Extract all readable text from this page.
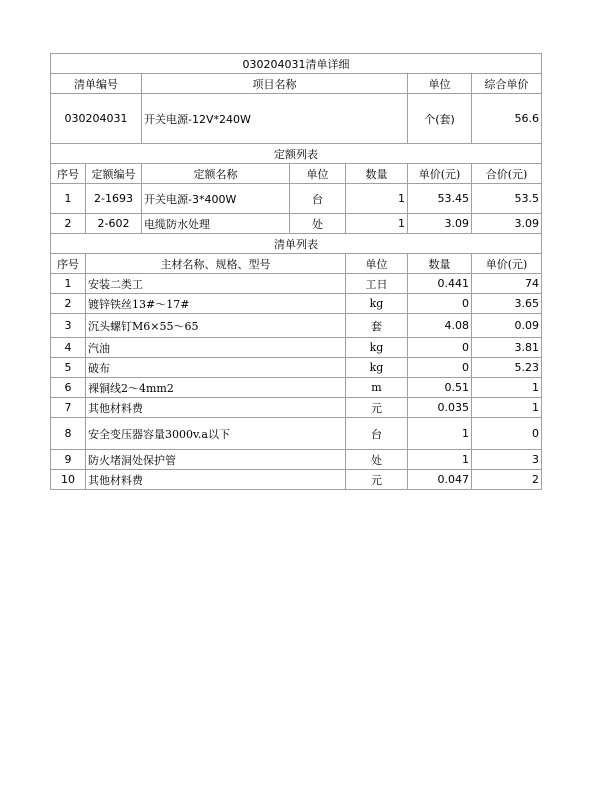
030204031清单详细							
清单编号		项目名称			单位	综合单价	
030204031		开关电源-12V*240W			个(套)	56.6	
定额列表							
序号	定额编号	定额名称	单位	数量	单价(元)	合价(元)	
1	2-1693	开关电源-3*400W	台	1	53.45	53.5	
2	2-602	电缆防水处理	处	1	3.09	3.09	
清单列表							
序号	主材名称、规格、型号			单位	数量	单价(元)	
1	安装二类工			工日	0.441	74	
2	镀锌铁丝13#～17#			kg	0	3.65	
3	沉头螺钉M6×55～65			套	4.08	0.09	
4	汽油			kg	0	3.81	
5	破布			kg	0	5.23	
6	裸铜线2～4mm2			m	0.51	1	
7	其他材料费			元	0.035	1	
8	安全变压器容量3000v.a以下			台	1	0	
9	防火堵洞处保护管			处	1	3	
10	其他材料费			元	0.047	2	
